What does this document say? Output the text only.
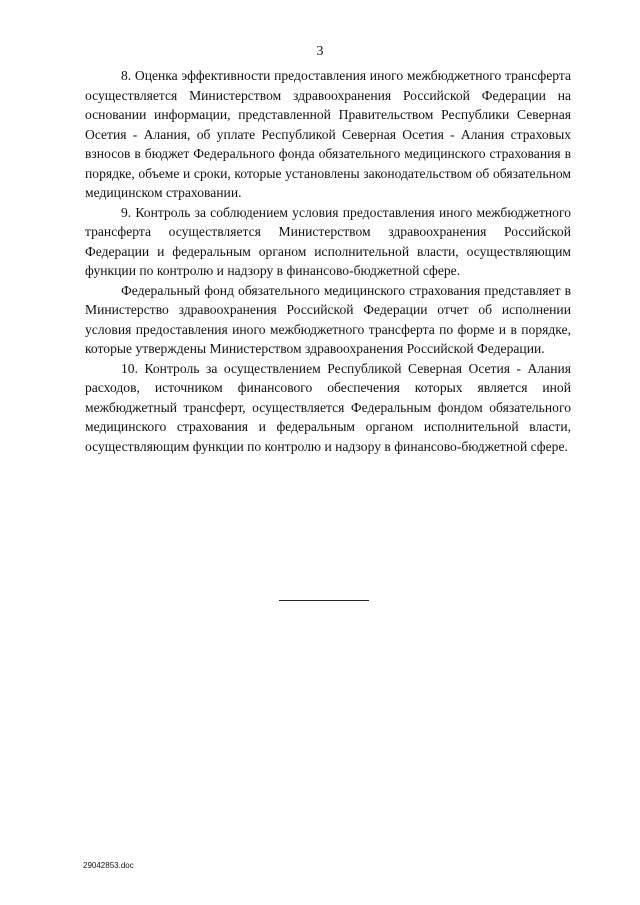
3

8. Оценка эффективности предоставления иного межбюджетного трансферта осуществляется Министерством здравоохранения Российской Федерации на основании информации, представленной Правительством Республики Северная Осетия - Алания, об уплате Республикой Северная Осетия - Алания страховых взносов в бюджет Федерального фонда обязательного медицинского страхования в порядке, объеме и сроки, которые установлены законодательством об обязательном медицинском страховании.

9. Контроль за соблюдением условия предоставления иного межбюджетного трансферта осуществляется Министерством здравоохранения Российской Федерации и федеральным органом исполнительной власти, осуществляющим функции по контролю и надзору в финансово-бюджетной сфере.

Федеральный фонд обязательного медицинского страхования представляет в Министерство здравоохранения Российской Федерации отчет об исполнении условия предоставления иного межбюджетного трансферта по форме и в порядке, которые утверждены Министерством здравоохранения Российской Федерации.

10. Контроль за осуществлением Республикой Северная Осетия - Алания расходов, источником финансового обеспечения которых является иной межбюджетный трансферт, осуществляется Федеральным фондом обязательного медицинского страхования и федеральным органом исполнительной власти, осуществляющим функции по контролю и надзору в финансово-бюджетной сфере.

29042853.doc
